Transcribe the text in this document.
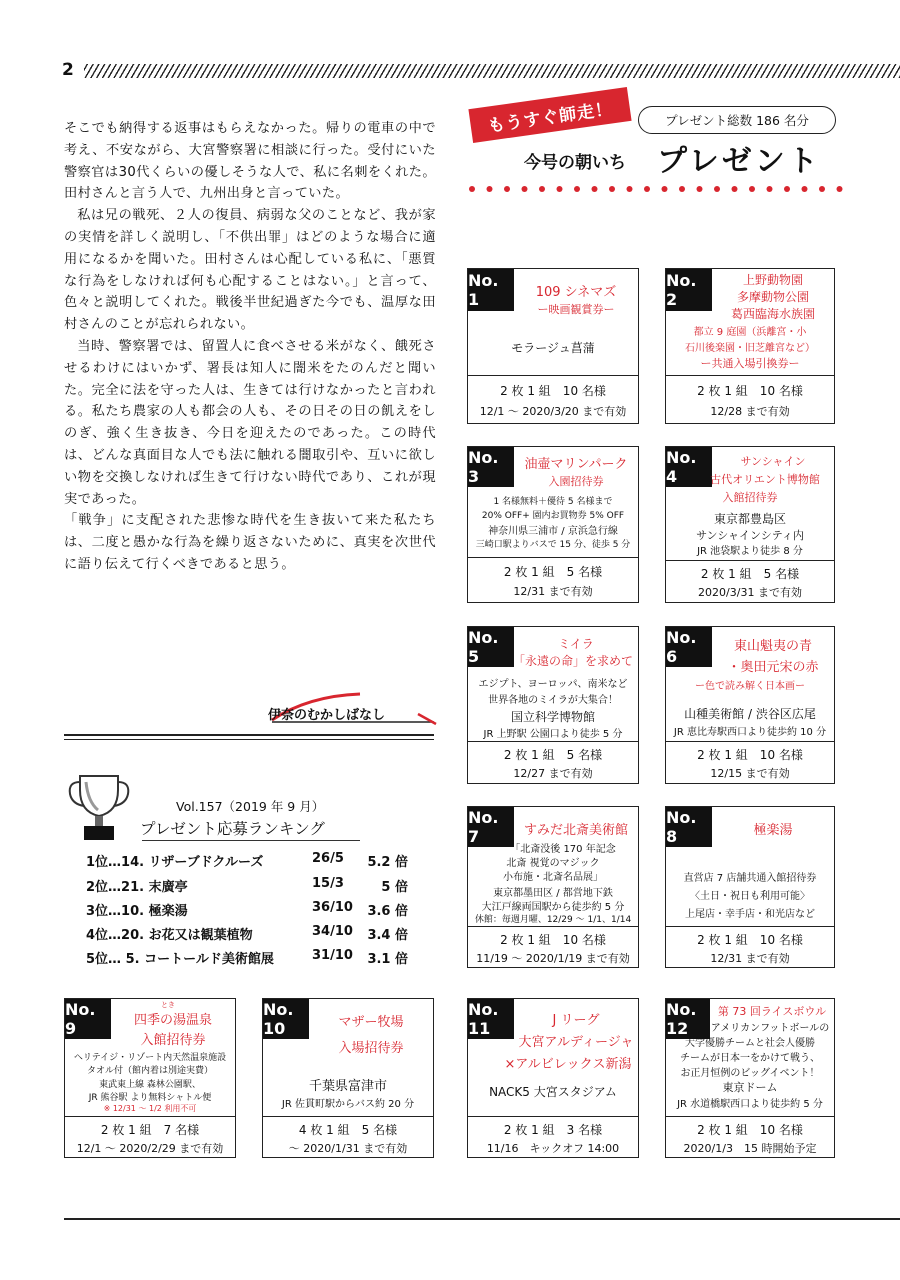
2

そこでも納得する返事はもらえなかった。帰りの電車の中で考え、不安ながら、大宮警察署に相談に行った。受付にいた警察官は30代くらいの優しそうな人で、私に名刺をくれた。田村さんと言う人で、九州出身と言っていた。

私は兄の戦死、２人の復員、病弱な父のことなど、我が家の実情を詳しく説明し、「不供出罪」はどのような場合に適用になるかを聞いた。田村さんは心配している私に、「悪質な行為をしなければ何も心配することはない。」と言って、色々と説明してくれた。戦後半世紀過ぎた今でも、温厚な田村さんのことが忘れられない。

当時、警察署では、留置人に食べさせる米がなく、餓死させるわけにはいかず、署長は知人に闇米をたのんだと聞いた。完全に法を守った人は、生きては行けなかったと言われる。私たち農家の人も都会の人も、その日その日の飢えをしのぎ、強く生き抜き、今日を迎えたのであった。この時代は、どんな真面目な人でも法に触れる闇取引や、互いに欲しい物を交換しなければ生きて行けない時代であり、これが現実であった。

「戦争」に支配された悲惨な時代を生き抜いて来た私たちは、二度と愚かな行為を繰り返さないために、真実を次世代に語り伝えて行くべきであると思う。

伊奈のむかしばなし
Vol.157（2019 年 9 月）
プレゼント応募ランキング
1位…14. リザーブドクルーズ	26/5 5.2 倍
2位…21. 末廣亭	15/3	5 倍
3位…10. 極楽湯	36/10 3.6 倍
4位…20. お花又は観葉植物	34/10 3.4 倍
5位… 5. コートールド美術館展	31/10 3.1 倍
もうすぐ師走！	プレゼント総数 186 名分
今号の朝いち プレゼント
No. 1	109 シネマズ
ー映画観賞券ー
モラージュ菖蒲
2 枚 1 組　10 名様
12/1 ～ 2020/3/20 まで有効
No. 2
上野動物園
多摩動物公園
葛西臨海水族園
都立 9 庭園（浜離宮・小
石川後楽園・旧芝離宮など）
ー共通入場引換券ー
2 枚 1 組　10 名様
12/28 まで有効
No. 3
油壷マリンパーク
入園招待券
1 名様無料＋優待 5 名様まで
20% OFF+ 園内お買物券 5% OFF
神奈川県三浦市 / 京浜急行線
三崎口駅よりバスで 15 分、徒歩 5 分
2 枚 1 組　5 名様
12/31 まで有効
No. 4
サンシャイン
古代オリエント博物館
入館招待券
東京都豊島区
サンシャインシティ内
JR 池袋駅より徒歩 8 分
2 枚 1 組　5 名様
2020/3/31 まで有効
No. 5
ミイラ
「永遠の命」を求めて
エジプト、ヨーロッパ、南米など
世界各地のミイラが大集合！
国立科学博物館
JR 上野駅 公園口より徒歩 5 分
2 枚 1 組　5 名様
12/27 まで有効
No. 6
東山魁夷の青
・奥田元宋の赤
ー色で読み解く日本画ー
山種美術館 / 渋谷区広尾
JR 恵比寿駅西口より徒歩約 10 分
2 枚 1 組　10 名様
12/15 まで有効
No. 7	すみだ北斎美術館
「北斎没後 170 年記念
北斎 視覚のマジック
小布施・北斎名品展」
東京都墨田区 / 都営地下鉄
大江戸線両国駅から徒歩約 5 分
休館：毎週月曜、12/29 ～ 1/1、1/14
2 枚 1 組　10 名様
11/19 ～ 2020/1/19 まで有効
No. 8	極楽湯
直営店 7 店舗共通入館招待券
〈土日・祝日も利用可能〉
上尾店・幸手店・和光店など
2 枚 1 組　10 名様
12/31 まで有効
No. 9
とき
四季の湯温泉
入館招待券
ヘリテイジ・リゾート内天然温泉施設
タオル付（館内着は別途実費）
東武東上線 森林公園駅、
JR 熊谷駅 より無料シャトル便
※ 12/31 ～ 1/2 利用不可
2 枚 1 組　7 名様
12/1 ～ 2020/2/29 まで有効
No. 10	マザー牧場
入場招待券
千葉県富津市
JR 佐貫町駅からバス約 20 分
4 枚 1 組　5 名様
～ 2020/1/31 まで有効
No. 11	J リーグ
大宮アルディージャ
×アルビレックス新潟
NACK5 大宮スタジアム
2 枚 1 組　3 名様
11/16　キックオフ 14:00
No. 12
第 73 回ライスボウル
アメリカンフットボールの
大学優勝チームと社会人優勝
チームが日本一をかけて戦う、
お正月恒例のビッグイベント！
東京ドーム
JR 水道橋駅西口より徒歩約 5 分
2 枚 1 組　10 名様
2020/1/3　15 時開始予定
